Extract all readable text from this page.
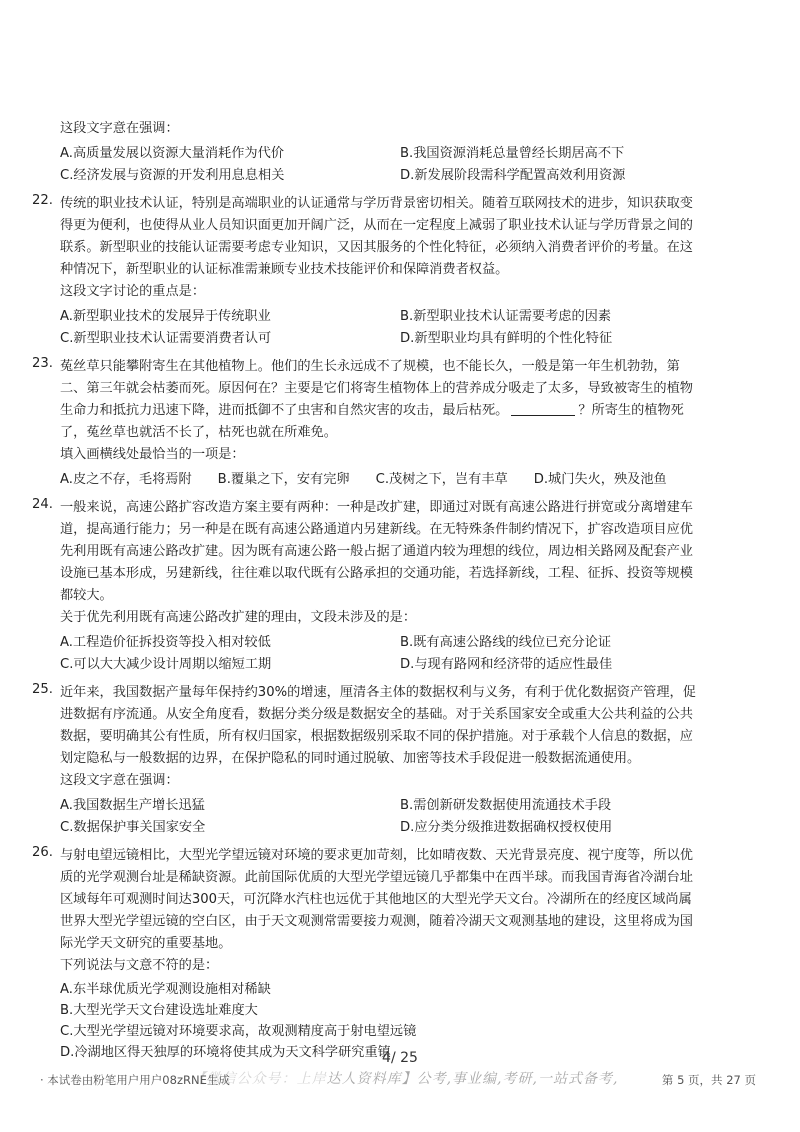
这段文字意在强调：
A.高质量发展以资源大量消耗作为代价	B.我国资源消耗总量曾经长期居高不下
C.经济发展与资源的开发利用息息相关	D.新发展阶段需科学配置高效利用资源
22. 传统的职业技术认证，特别是高端职业的认证通常与学历背景密切相关。随着互联网技术的进步，知识获取变
得更为便利，也使得从业人员知识面更加开阔广泛，从而在一定程度上减弱了职业技术认证与学历背景之间的
联系。新型职业的技能认证需要考虑专业知识，又因其服务的个性化特征，必须纳入消费者评价的考量。在这
种情况下，新型职业的认证标准需兼顾专业技术技能评价和保障消费者权益。
这段文字讨论的重点是：
A.新型职业技术的发展异于传统职业	B.新型职业技术认证需要考虑的因素
C.新型职业技术认证需要消费者认可	D.新型职业均具有鲜明的个性化特征
23. 菟丝草只能攀附寄生在其他植物上。他们的生长永远成不了规模，也不能长久，一般是第一年生机勃勃，第
二、第三年就会枯萎而死。原因何在？主要是它们将寄生植物体上的营养成分吸走了太多，导致被寄生的植物
生命力和抵抗力迅速下降，进而抵御不了虫害和自然灾害的攻击，最后枯死。	？所寄生的植物死
了，菟丝草也就活不长了，枯死也就在所难免。
填入画横线处最恰当的一项是：
A.皮之不存，毛将焉附 B.覆巢之下，安有完卵 C.茂树之下，岂有丰草 D.城门失火，殃及池鱼
24. 一般来说，高速公路扩容改造方案主要有两种：一种是改扩建，即通过对既有高速公路进行拼宽或分离增建车
道，提高通行能力；另一种是在既有高速公路通道内另建新线。在无特殊条件制约情况下，扩容改造项目应优
先利用既有高速公路改扩建。因为既有高速公路一般占据了通道内较为理想的线位，周边相关路网及配套产业
设施已基本形成，另建新线，往往难以取代既有公路承担的交通功能，若选择新线，工程、征拆、投资等规模
都较大。
关于优先利用既有高速公路改扩建的理由，文段未涉及的是：
A.工程造价征拆投资等投入相对较低	B.既有高速公路线的线位已充分论证
C.可以大大减少设计周期以缩短工期	D.与现有路网和经济带的适应性最佳
25. 近年来，我国数据产量每年保持约30%的增速，厘清各主体的数据权利与义务，有利于优化数据资产管理，促
进数据有序流通。从安全角度看，数据分类分级是数据安全的基础。对于关系国家安全或重大公共利益的公共
数据，要明确其公有性质，所有权归国家，根据数据级别采取不同的保护措施。对于承载个人信息的数据，应
划定隐私与一般数据的边界，在保护隐私的同时通过脱敏、加密等技术手段促进一般数据流通使用。
这段文字意在强调：
A.我国数据生产增长迅猛	B.需创新研发数据使用流通技术手段
C.数据保护事关国家安全	D.应分类分级推进数据确权授权使用
26. 与射电望远镜相比，大型光学望远镜对环境的要求更加苛刻，比如晴夜数、天光背景亮度、视宁度等，所以优
质的光学观测台址是稀缺资源。此前国际优质的大型光学望远镜几乎都集中在西半球。而我国青海省冷湖台址
区域每年可观测时间达300天，可沉降水汽柱也远优于其他地区的大型光学天文台。冷湖所在的经度区域尚属
世界大型光学望远镜的空白区，由于天文观测常需要接力观测，随着冷湖天文观测基地的建设，这里将成为国
际光学天文研究的重要基地。
下列说法与文意不符的是：
A.东半球优质光学观测设施相对稀缺
B.大型光学天文台建设选址难度大
C.大型光学望远镜对环境要求高，故观测精度高于射电望远镜
D.冷湖地区得天独厚的环境将使其成为天文科学研究重镇
4/ 25
【微信公众号：上岸达人资料库】公考,事业编,考研,一站式备考,
· 本试卷由粉笔用户用户08zRNE生成	第 5 页，共 27 页
